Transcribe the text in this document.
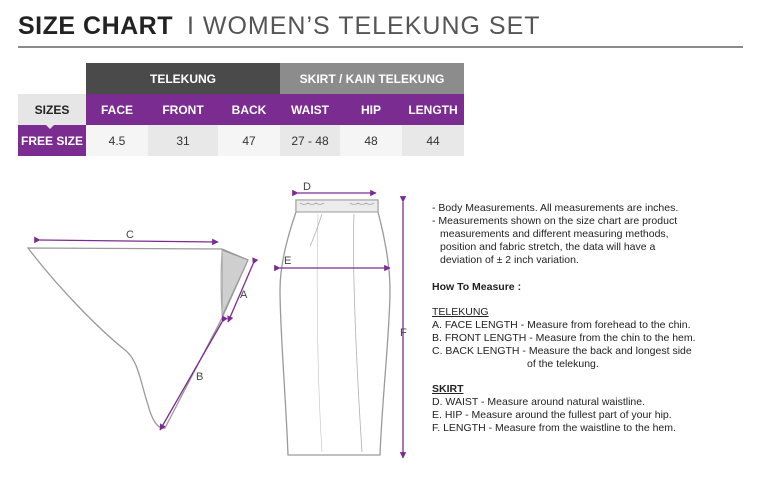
SIZE CHART I WOMEN’S TELEKUNG SET
	TELEKUNG			SKIRT / KAIN TELEKUNG		
SIZES	FACE	FRONT	BACK	WAIST	HIP	LENGTH
FREE SIZE	4.5	31	47	27 - 48	48	44
C
A
B
D
E
F

- Body Measurements. All measurements are inches.

- Measurements shown on the size chart are product

measurements and different measuring methods,

position and fabric stretch, the data will have a

deviation of ± 2 inch variation.

How To Measure :

TELEKUNG

A. FACE LENGTH - Measure from forehead to the chin.

B. FRONT LENGTH - Measure from the chin to the hem.

C. BACK LENGTH - Measure the back and longest side

of the telekung.

SKIRT

D. WAIST - Measure around natural waistline.

E. HIP - Measure around the fullest part of your hip.

F. LENGTH - Measure from the waistline to the hem.
